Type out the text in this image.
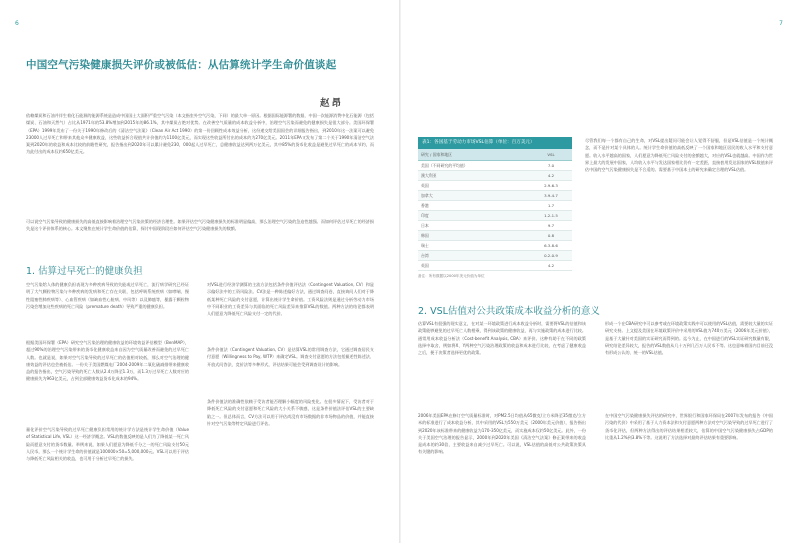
6	7
中国空气污染健康损失评价或被低估：从估算统计学生命价值谈起
赵昂

依赖煤炭和石油并伴生着化石能源的能源系统是造成中国国土大面积严重空气污染（本文指室外空气污染，下同）的最大单一原因。根据国际能源署的数据，中国一次能源消费中化石能源（包括煤炭、石油和天然气）占比从1971年的53.8%增加到2015年的86.1%，其中煤炭占绝对优势。在改善空气质量的成本收益分析中，治理空气污染而避免的健康损失是很大部分。美国环保署（EPA）1999年发布了一份关于1990年修改后的《清洁空气法案》（Clean Air Act 1990）的第一份回顾性成本效益分析，这份递交给美国国会的详细报告指出，到2010年这一法案可以避免23000人过早死亡和带来其他众多健康收益，这些收益折合现值共计价值约为1100亿美元，而实现这些收益所付出的成本约为270亿美元。2011年EPA又发布了第二个关于1990年清洁空气法案到2020年的收益和成本比较的前瞻性研究，报告指出到2020年可以累计避免230，000起人过早死亡，总健康收益达到两万亿美元，其中85%的货币化收益是避免过早死亡的成本节约，而为此付出的成本仅约650亿美元。

可以说空气污染导致的健康损失的高低直接影响着治理空气污染决策的经济合理性。如果评估空气污染健康损失的标准明显偏高，那么治理空气污染的急迫性越强。而如何评估过早死亡的经济损失是这个评价体系的核心。本文聚焦在统计学生命价值的估算，探讨中国现阶段应如何评估空气污染健康损失的数额。

1. 估算过早死亡的健康负担

空气污染给人体的健康负担表现为多种疾病导致的失能或过早死亡，流行病学研究已经证明了大气颗粒物污染与多种疾病的发病和死亡存在关联，包括呼吸系统疾病（如哮喘、慢性阻塞性肺疾病等）、心血管疾病（如缺血性心脏病、中风等）以及肺癌等，暴露于颗粒物污染会增加这些疾病的死亡风险（premature death）导致严重的健康负担。

根据美国环保署（EPA）研究空气污染治理的健康收益的环境效益评估模型（BenMAP），超过90%的治理空气污染带来的货币化健康收益来自因为空气质量改善而避免的过早死亡人数。也就是说，如果对空气污染导致的过早死亡的估值相对较低，那么对空气治理的健康效益的评估也会被低估。一份关于美国燃煤电厂2004-2009年二氧化硫减排带来健康收益的报告指出，空气污染导致的死亡人数从2.4万降至1.3万，而1.3万过早死亡人数对应的健康损失为963亿美元，占到全部健康效益货币化成本的94%。

量化评价空气污染导致的过早死亡健康负担常用的统计学方法是统计学生命价值（Value of Statistical Life, VSL）这一经济学概念。VSL的数值反映的是人们为了降低某一死亡风险而愿意支付的货币数量。举例来说，如果人们愿意为降低千分之一的死亡风险支付50元人民币，那么一个统计学生命的价值就是100000×50=5,000,000元。VSL可以用于评估与降低死亡风险相关的收益，也可用于分析过早死亡的损失。

对VSL进行经济学测算的主流方法包括条件价值评估法（Contingent Valuation, CV）和显示偏好法中的工资风险法。CV法是一种陈述偏好方法，通过调查问卷，直接询问人们对于降低某种死亡风险的支付意愿，计算出统计学生命价值。工资风险法则是通过分析劳动力市场中不同职业的工资差异与其面临的死亡风险差异来推算VSL的数值。两种方法的结论都表明人们愿意为降低死亡风险支付一定的代价。

条件价值法（Contingent Valuation, CV）是估算VSL的常用调查方法，它通过调查居民支付意愿（Willingness to Pay, WTP）来确定VSL。调查支付意愿的方法包括描述性陈述法、开放式问答法、竞价法等多种形式，评估结果可能会受到调查设计的影响。

条件价值法的准确性依赖于受访者能否理解小幅度的风险变化。在很多情况下，受访者对于降低死亡风险的支付意愿和死亡风险的大小关系不敏感，这是条件价值法评估VSL的主要缺陷之一。但总体而言，CV方法可以用于评估尚没有市场数据的非市场物品的价值，并能直接针对空气污染等特定风险进行评估。

表1：各国基于劳动力市场VSL估算（单位：百万美元）
研究 / 国家和地区	VSL
美国（不同研究的平均值）	7.0
澳大利亚	4.2
英国	2.9-6.3
加拿大	3.9-4.7
香港	1.7
印度	1.2-1.5
日本	9.7
韩国	0.8
瑞士	6.3-8.6
台湾	0.2-0.9
英国	4.2
备注：所有数据以2000年美元价值为单位

尽管我们每一个都有自己的生命，对VSL提出疑问可能会让人觉得不舒服，但是VSL估值是一个统计概念，而不是针对某个具体的人。统计学生命价值的高低反映了一个国家和地区居民的收入水平和支付意愿。收入水平越高的国家，人们愿意为降低死亡风险支付的金额越大，对应的VSL也就越高。中国作为世界上最大的发展中国家，人均收入水平与发达国家相比仍有一定差距，直接套用发达国家的VSL数值来评估中国的空气污染健康损失是不合适的。需要基于中国本土的研究来确定合理的VSL估值。

2. VSL估值对公共政策成本收益分析的意义

估算VSL有很强的现实意义，在对某一环境政策进行成本收益分析时，需要将VSL的估值和该政策能够避免的过早死亡人数相乘，得到该政策的健康收益，再与实施政策的成本进行比较。通常用成本收益分析法（Cost-benefit Analysis, CBA）来评价。这种有助于在不同的政策选择中取舍，例如将X、Y两种空气污染治理政策的收益和成本进行比较，在考虑了健康收益之后，便于决策者选择更优的政策。

2006年美国EPA在修订空气质量标准时，对PM2.5日均值从65微克/立方米降至35微克/立方米的标准进行了成本收益分析，其中采用的VSL为550万美元（2000年美元价值），报告指出到2020年该标准带来的健康收益为170-350亿美元，而实施成本仅约50亿美元。此外，一份关于美国空气治理的报告显示，2000年到2020年美国《清洁空气法案》修正案带来的收益是成本的约30倍，主要收益来自减少过早死亡。可以说，VSL估值的高低对公共政策决策具有关键的影响。

形成一个在CBA研究中可以参考或在环境政策实践中可以使用的VSL估值，需要较大量的实证研究支持。上文提及美国在环境政策评价中采用的VSL值为740万美元（2006年美元价值），是基于大量针对美国的实证研究而得到的。迄今为止，在中国进行的VSL实证研究数量有限，研究结论差异较大，报告的VSL数值从几十万到几百万人民币不等。这也意味着国内目前还没有形成公认的、统一的VSL估值。

在中国空气污染健康损失评估的研究中，世界银行和国家环保局在2007年发布的报告《中国污染的代价》中采用了基于人力资本法和支付意愿两种方法对空气污染导致的过早死亡进行了货币化评估，但两种方法得出的评估结果相差较大，估算的中国空气污染健康损失占GDP的比重从1.2%到3.8%不等。这说明了方法选择对最终评估结果有重要影响。
